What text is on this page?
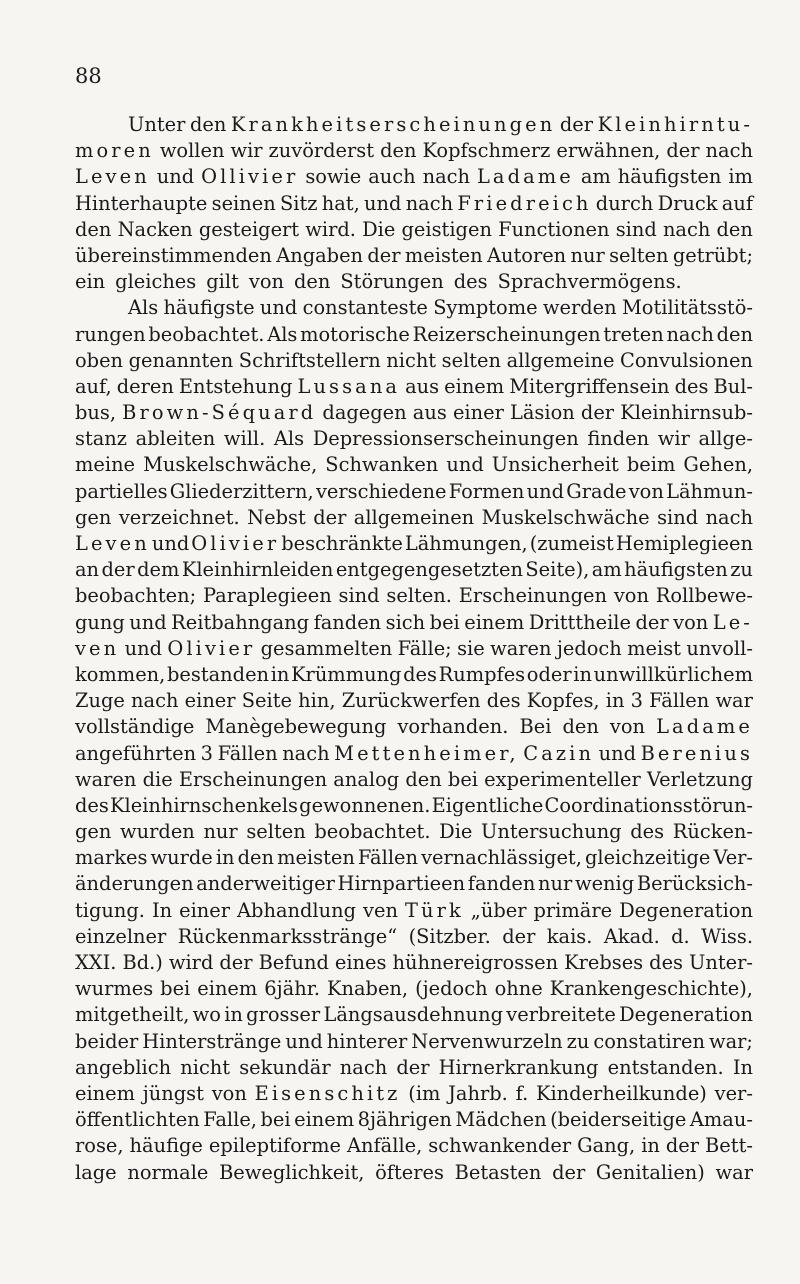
88
Unter den Krankheitserscheinungen der Kleinhirntu-
moren wollen wir zuvörderst den Kopfschmerz erwähnen, der nach
Leven und Ollivier sowie auch nach Ladame am häufigsten im
Hinterhaupte seinen Sitz hat, und nach Friedreich durch Druck auf
den Nacken gesteigert wird. Die geistigen Functionen sind nach den
übereinstimmenden Angaben der meisten Autoren nur selten getrübt;
ein gleiches gilt von den Störungen des Sprachvermögens.
Als häufigste und constanteste Symptome werden Motilitätsstö-
rungen beobachtet. Als motorische Reizerscheinungen treten nach den
oben genannten Schriftstellern nicht selten allgemeine Convulsionen
auf, deren Entstehung Lussana aus einem Mitergriffensein des Bul-
bus, Brown-Séquard dagegen aus einer Läsion der Kleinhirnsub-
stanz ableiten will. Als Depressionserscheinungen finden wir allge-
meine Muskelschwäche, Schwanken und Unsicherheit beim Gehen,
partielles Gliederzittern, verschiedene Formen und Grade von Lähmun-
gen verzeichnet. Nebst der allgemeinen Muskelschwäche sind nach
Leven und Olivier beschränkte Lähmungen, (zumeist Hemiplegieen
an der dem Kleinhirnleiden entgegengesetzten Seite), am häufigsten zu
beobachten; Paraplegieen sind selten. Erscheinungen von Rollbewe-
gung und Reitbahngang fanden sich bei einem Dritttheile der von Le-
ven und Olivier gesammelten Fälle; sie waren jedoch meist unvoll-
kommen, bestanden in Krümmung des Rumpfes oder in unwillkürlichem
Zuge nach einer Seite hin, Zurückwerfen des Kopfes, in 3 Fällen war
vollständige Manègebewegung vorhanden. Bei den von Ladame
angeführten 3 Fällen nach Mettenheimer, Cazin und Berenius
waren die Erscheinungen analog den bei experimenteller Verletzung
des Kleinhirnschenkels gewonnenen. Eigentliche Coordinationsstörun-
gen wurden nur selten beobachtet. Die Untersuchung des Rücken-
markes wurde in den meisten Fällen vernachlässiget, gleichzeitige Ver-
änderungen anderweitiger Hirnpartieen fanden nur wenig Berücksich-
tigung. In einer Abhandlung ven Türk „über primäre Degeneration
einzelner Rückenmarksstränge“ (Sitzber. der kais. Akad. d. Wiss.
XXI. Bd.) wird der Befund eines hühnereigrossen Krebses des Unter-
wurmes bei einem 6jähr. Knaben, (jedoch ohne Krankengeschichte),
mitgetheilt, wo in grosser Längsausdehnung verbreitete Degeneration
beider Hinterstränge und hinterer Nervenwurzeln zu constatiren war;
angeblich nicht sekundär nach der Hirnerkrankung entstanden. In
einem jüngst von Eisenschitz (im Jahrb. f. Kinderheilkunde) ver-
öffentlichten Falle, bei einem 8jährigen Mädchen (beiderseitige Amau-
rose, häufige epileptiforme Anfälle, schwankender Gang, in der Bett-
lage normale Beweglichkeit, öfteres Betasten der Genitalien) war
